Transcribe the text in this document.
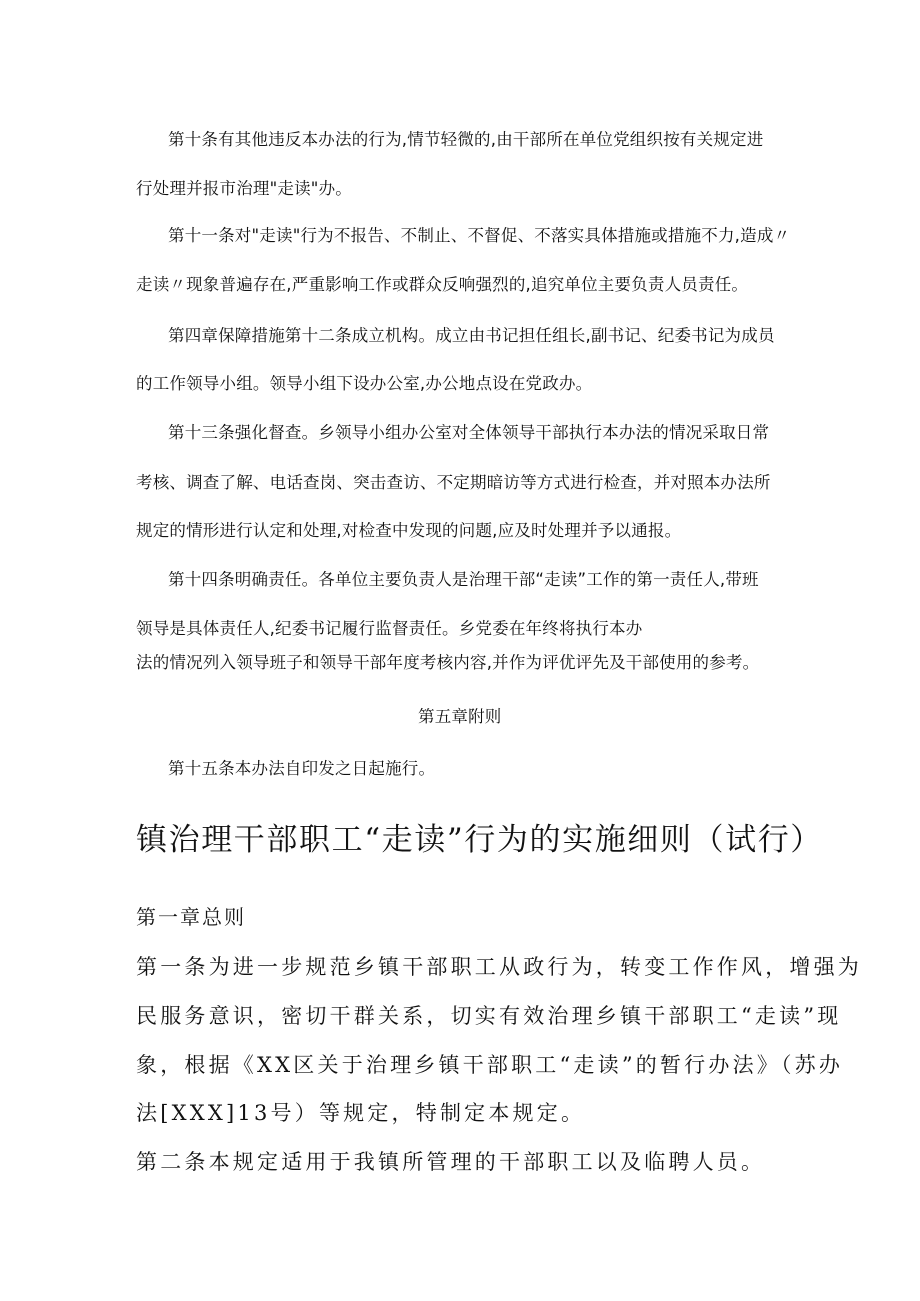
第十条有其他违反本办法的行为,情节轻微的,由干部所在单位党组织按有关规定进
行处理并报市治理"走读"办。
第十一条对"走读"行为不报告、不制止、不督促、不落实具体措施或措施不力,造成〃
走读〃现象普遍存在,严重影响工作或群众反响强烈的,追究单位主要负责人员责任。
第四章保障措施第十二条成立机构。成立由书记担任组长,副书记、纪委书记为成员
的工作领导小组。领导小组下设办公室,办公地点设在党政办。
第十三条强化督查。乡领导小组办公室对全体领导干部执行本办法的情况采取日常
考核、调查了解、电话查岗、突击查访、不定期暗访等方式进行检查，并对照本办法所
规定的情形进行认定和处理,对检查中发现的问题,应及时处理并予以通报。
第十四条明确责任。各单位主要负责人是治理干部“走读”工作的第一责任人,带班
领导是具体责任人,纪委书记履行监督责任。乡党委在年终将执行本办
法的情况列入领导班子和领导干部年度考核内容,并作为评优评先及干部使用的参考。
第五章附则
第十五条本办法自印发之日起施行。
镇治理干部职工“走读”行为的实施细则（试行）
第一章总则
第一条为进一步规范乡镇干部职工从政行为，转变工作作风，增强为
民服务意识，密切干群关系，切实有效治理乡镇干部职工“走读”现
象，根据《XX区关于治理乡镇干部职工“走读”的暂行办法》（苏办
法[XXX]13号）等规定，特制定本规定。
第二条本规定适用于我镇所管理的干部职工以及临聘人员。
